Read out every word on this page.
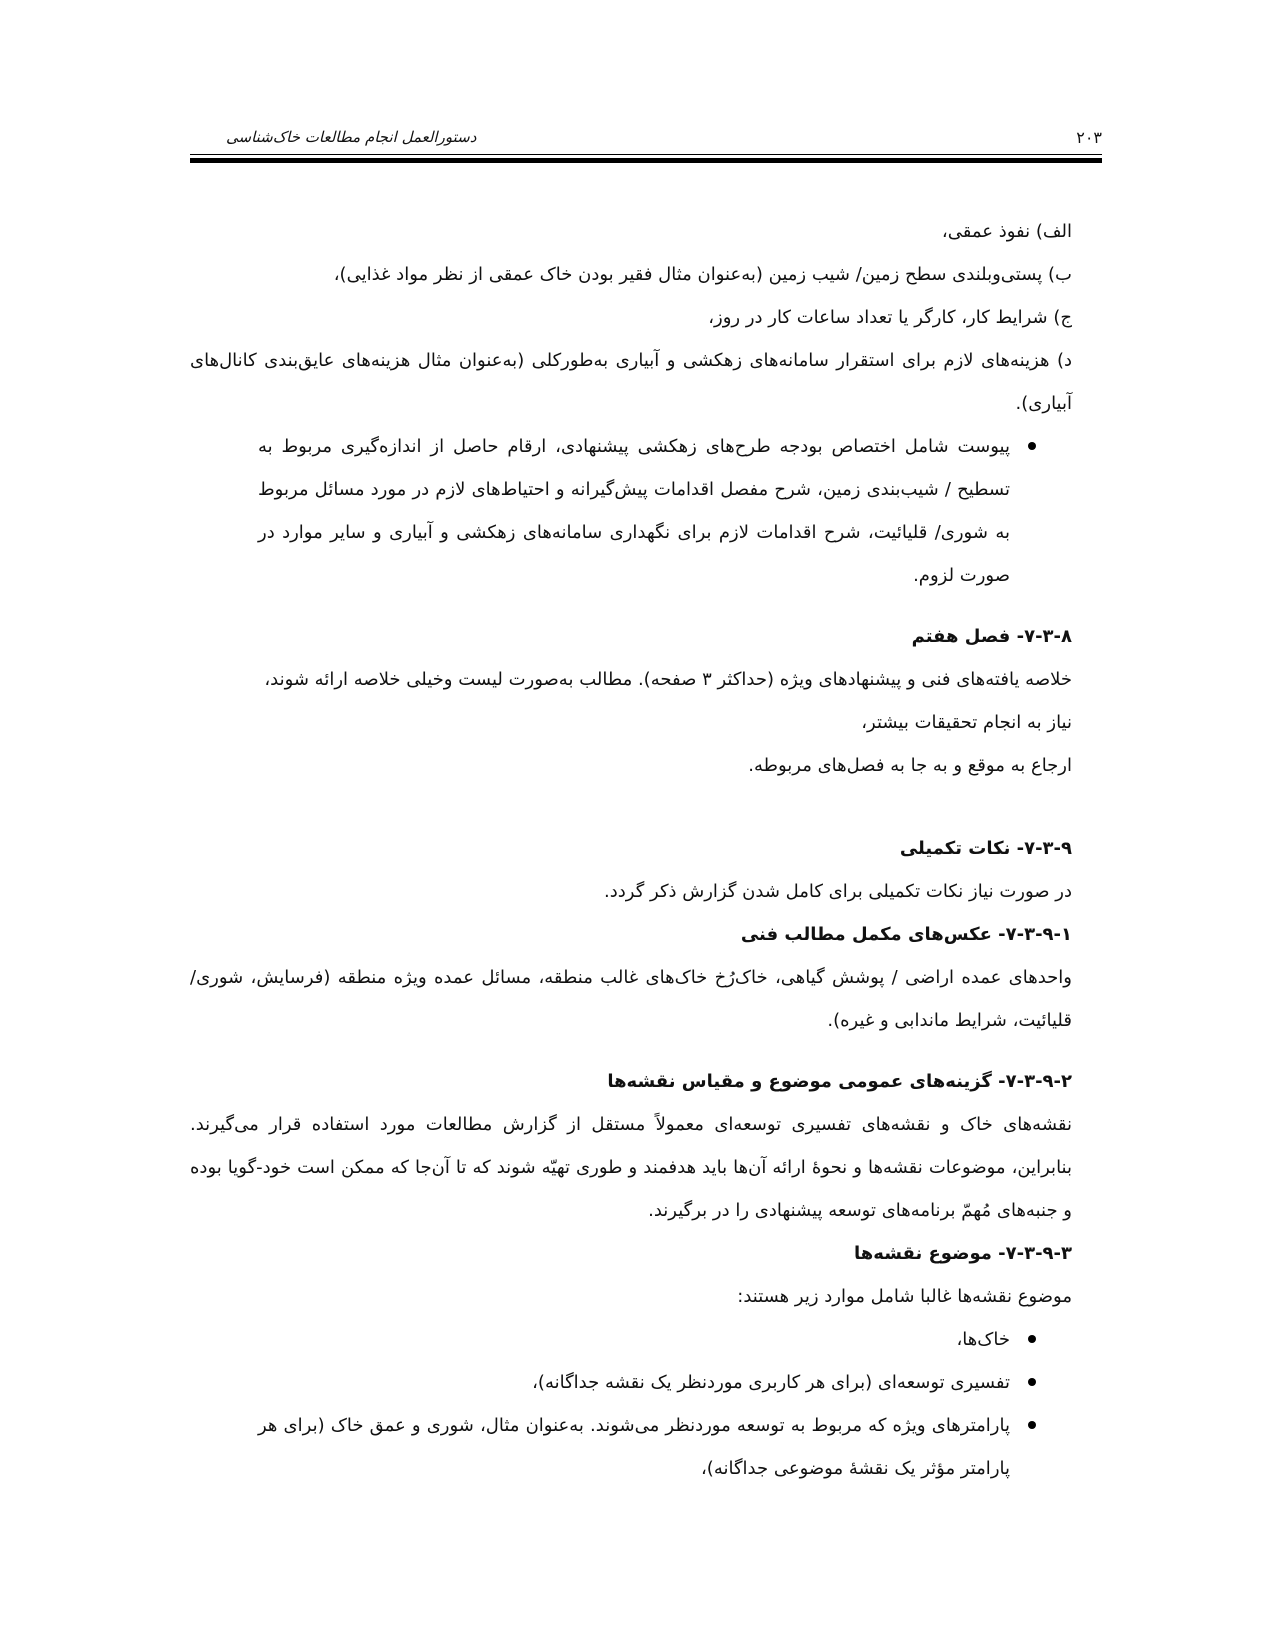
۲۰۳
دستورالعمل انجام مطالعات خاک‌شناسی

الف) نفوذ عمقی،

ب) پستی‌وبلندی سطح زمین/ شیب زمین (به‌عنوان مثال فقیر بودن خاک عمقی از نظر مواد غذایی)،

ج) شرایط کار، کارگر یا تعداد ساعات کار در روز،

د) هزینه‌های لازم برای استقرار سامانه‌های زهکشی و آبیاری به‌طورکلی (به‌عنوان مثال هزینه‌های عایق‌بندی کانال‌های آبیاری).

پیوست شامل اختصاص بودجه طرح‌های زهکشی پیشنهادی، ارقام حاصل از اندازه‌گیری مربوط به تسطیح / شیب‌بندی زمین، شرح مفصل اقدامات پیش‌گیرانه و احتیاط‌های لازم در مورد مسائل مربوط به شوری/ قلیائیت، شرح اقدامات لازم برای نگهداری سامانه‌های زهکشی و آبیاری و سایر موارد در صورت لزوم.

۷-۳-۸- فصل هفتم

خلاصه یافته‌های فنی و پیشنهادهای ویژه (حداکثر ۳ صفحه). مطالب به‌صورت لیست وخیلی خلاصه ارائه شوند،

نیاز به انجام تحقیقات بیشتر،

ارجاع به موقع و به جا به فصل‌های مربوطه.

۷-۳-۹- نکات تکمیلی

در صورت نیاز نکات تکمیلی برای کامل شدن گزارش ذکر گردد.

۷-۳-۹-۱- عکس‌های مکمل مطالب فنی

واحدهای عمده اراضی / پوشش گیاهی، خاک‌رُخ خاک‌های غالب منطقه، مسائل عمده ویژه منطقه (فرسایش، شوری/ قلیائیت، شرایط ماندابی و غیره).

۷-۳-۹-۲- گزینه‌های عمومی موضوع و مقیاس نقشه‌ها

نقشه‌های خاک و نقشه‌های تفسیری توسعه‌ای معمولاً مستقل از گزارش مطالعات مورد استفاده قرار می‌گیرند. بنابراین، موضوعات نقشه‌ها و نحوۀ ارائه آن‌ها باید هدفمند و طوری تهیّه شوند که تا آن‌جا که ممکن است خود-گویا بوده و جنبه‌های مُهمّ برنامه‌های توسعه پیشنهادی را در برگیرند.

۷-۳-۹-۳- موضوع نقشه‌ها

موضوع نقشه‌ها غالبا شامل موارد زیر هستند:

خاک‌ها،

تفسیری توسعه‌ای (برای هر کاربری موردنظر یک نقشه جداگانه)،

پارامترهای ویژه که مربوط به توسعه موردنظر می‌شوند. به‌عنوان مثال، شوری و عمق خاک (برای هر پارامتر مؤثر یک نقشۀ موضوعی جداگانه)،
